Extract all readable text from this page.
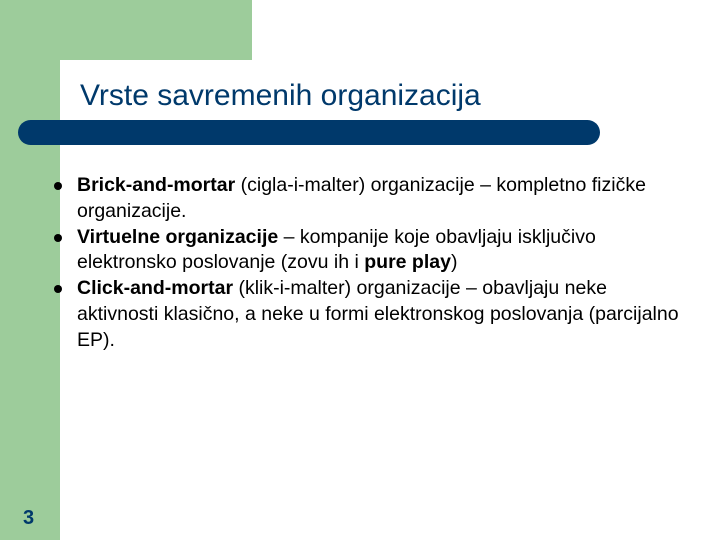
Vrste savremenih organizacija
Brick-and-mortar (cigla-i-malter) organizacije – kompletno fizičke organizacije.
Virtuelne organizacije – kompanije koje obavljaju isključivo elektronsko poslovanje (zovu ih i pure play)
Click-and-mortar (klik-i-malter) organizacije – obavljaju neke aktivnosti klasično, a neke u formi elektronskog poslovanja (parcijalno EP).
3
